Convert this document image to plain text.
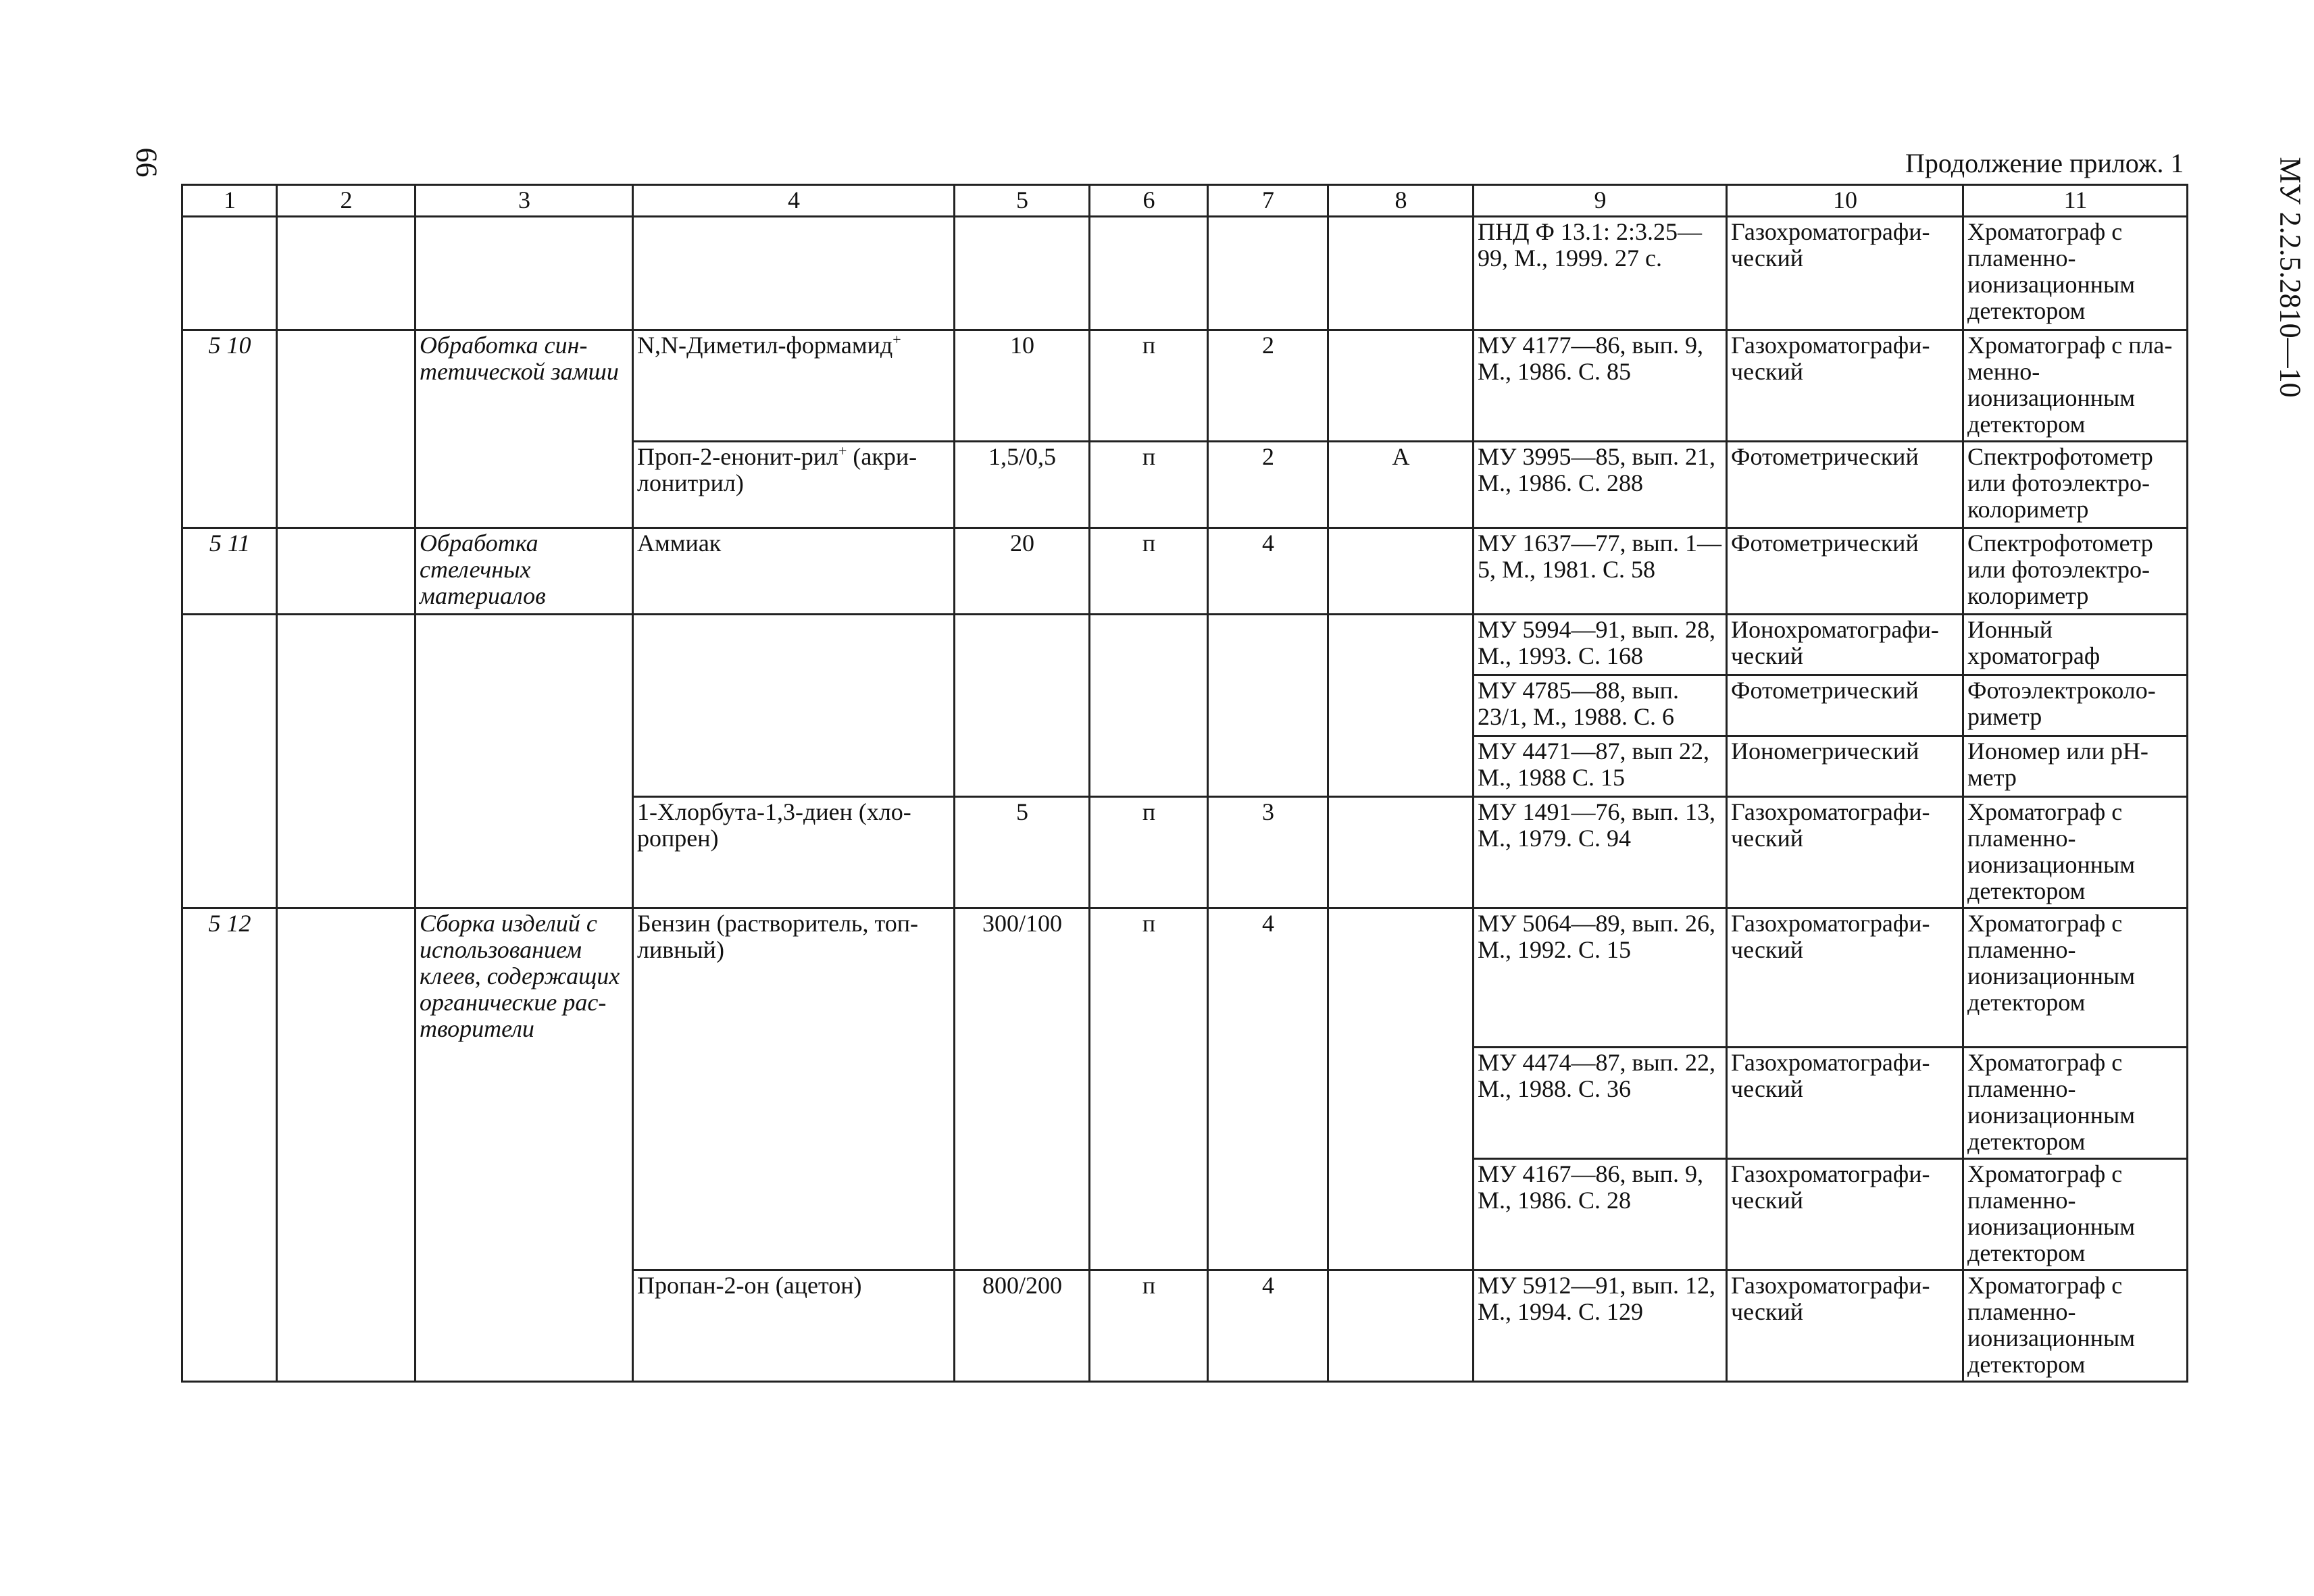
66	МУ 2.2.5.2810—10
Продолжение прилож. 1
1	2	3	4	5	6	7	8	9	10	11
								ПНД Ф 13.1: 2:3.25—99, М., 1999. 27 с.	Газохроматографи-ческий	Хроматограф с пламенно-ионизационным детектором
5 10		Обработка син-тетической замши	N,N-Диметил-формамид+	10	п	2		МУ 4177—86, вып. 9, М., 1986. С. 85	Газохроматографи-ческий	Хроматограф с пла-менно-ионизационным детектором
			Проп-2-енонит-рил+ (акри-лонитрил)	1,5/0,5	п	2	А	МУ 3995—85, вып. 21, М., 1986. С. 288	Фотометрический	Спектрофотометр или фотоэлектро-колориметр
5 11		Обработка стелечных материалов	Аммиак	20	п	4		МУ 1637—77, вып. 1—5, М., 1981. С. 58	Фотометрический	Спектрофотометр или фотоэлектро-колориметр
								МУ 5994—91, вып. 28, М., 1993. С. 168	Ионохроматографи-ческий	Ионный хроматограф
								МУ 4785—88, вып. 23/1, М., 1988. С. 6	Фотометрический	Фотоэлектроколо-риметр
								МУ 4471—87, вып 22, М., 1988 С. 15	Иономегрический	Иономер или рН-метр
			1-Хлорбута-1,3-диен (хло-ропрен)	5	п	3		МУ 1491—76, вып. 13, М., 1979. С. 94	Газохроматографи-ческий	Хроматограф с пламенно-ионизационным детектором
5 12		Сборка изделий с использованием клеев, содержащих органические рас-творители	Бензин (растворитель, топ-ливный)	300/100	п	4		МУ 5064—89, вып. 26, М., 1992. С. 15	Газохроматографи-ческий	Хроматограф с пламенно-ионизационным детектором
								МУ 4474—87, вып. 22, М., 1988. С. 36	Газохроматографи-ческий	Хроматограф с пламенно-ионизационным детектором
								МУ 4167—86, вып. 9, М., 1986. С. 28	Газохроматографи-ческий	Хроматограф с пламенно-ионизационным детектором
			Пропан-2-он (ацетон)	800/200	п	4		МУ 5912—91, вып. 12, М., 1994. С. 129	Газохроматографи-ческий	Хроматограф с пламенно-ионизационным детектором
